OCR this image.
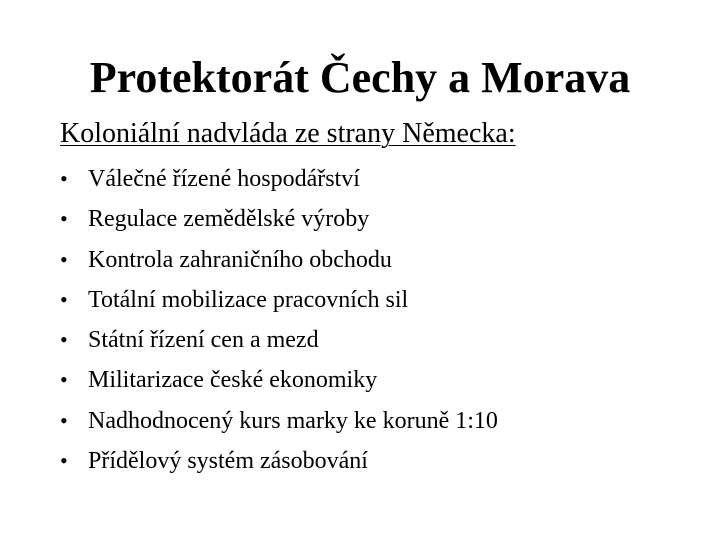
Protektorát Čechy a Morava
Koloniální nadvláda ze strany Německa:
• Válečné řízené hospodářství
• Regulace zemědělské výroby
• Kontrola zahraničního obchodu
• Totální mobilizace pracovních sil
• Státní řízení cen a mezd
• Militarizace české ekonomiky
• Nadhodnocený kurs marky ke koruně 1:10
• Přídělový systém zásobování
